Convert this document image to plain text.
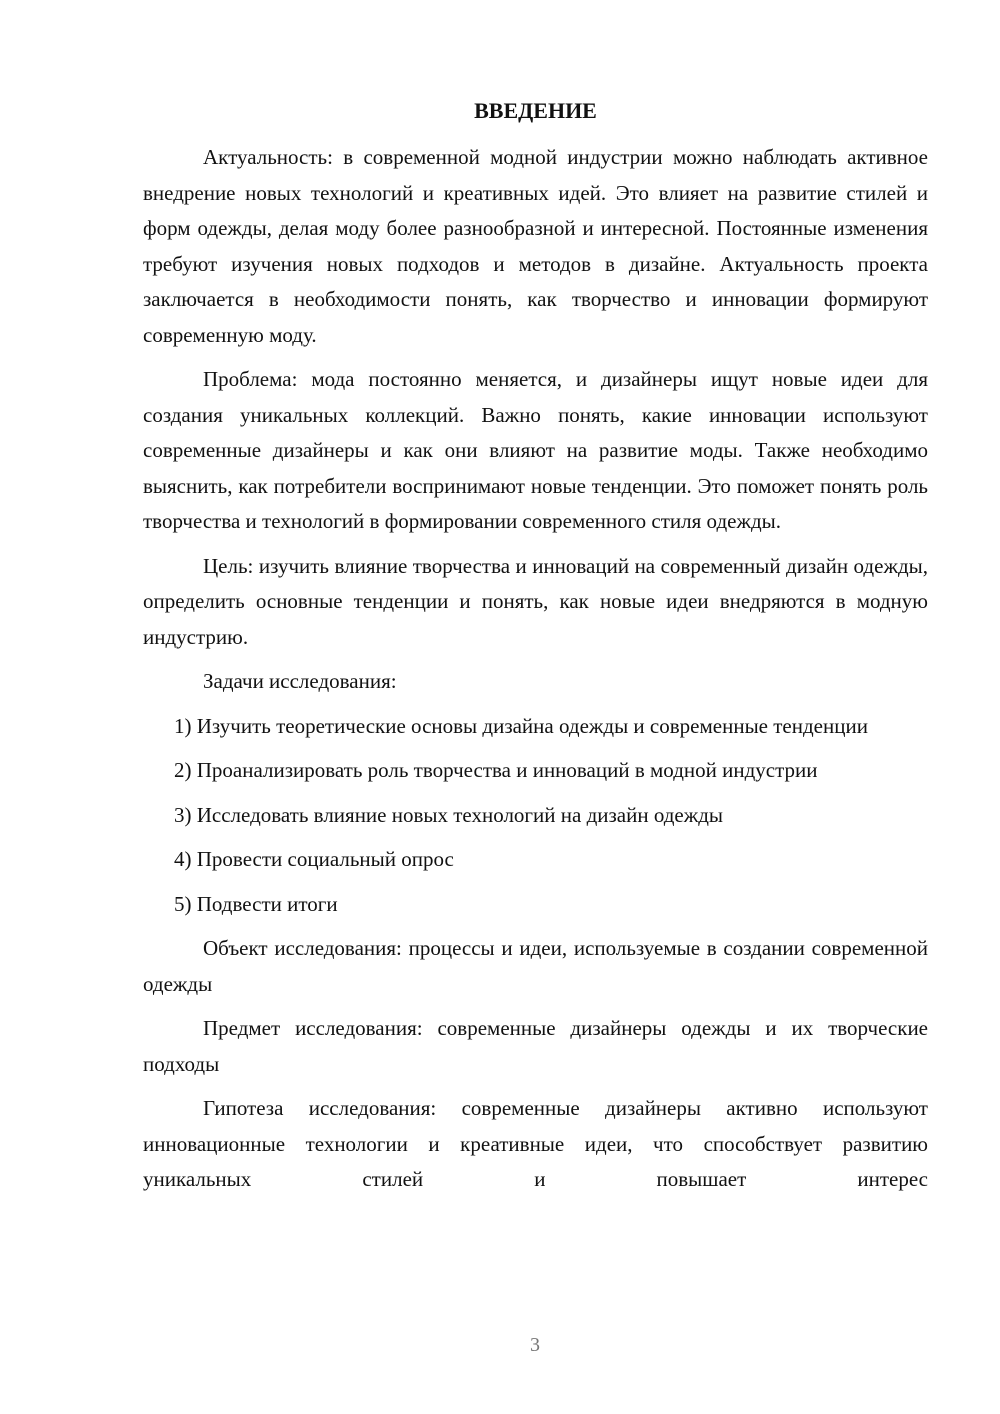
ВВЕДЕНИЕ

Актуальность: в современной модной индустрии можно наблюдать активное внедрение новых технологий и креативных идей. Это влияет на развитие стилей и форм одежды, делая моду более разнообразной и интересной. Постоянные изменения требуют изучения новых подходов и методов в дизайне. Актуальность проекта заключается в необходимости понять, как творчество и инновации формируют современную моду.

Проблема: мода постоянно меняется, и дизайнеры ищут новые идеи для создания уникальных коллекций. Важно понять, какие инновации используют современные дизайнеры и как они влияют на развитие моды. Также необходимо выяснить, как потребители воспринимают новые тенденции. Это поможет понять роль творчества и технологий в формировании современного стиля одежды.

Цель: изучить влияние творчества и инноваций на современный дизайн одежды, определить основные тенденции и понять, как новые идеи внедряются в модную индустрию.

Задачи исследования:

1) Изучить теоретические основы дизайна одежды и современные тенденции

2) Проанализировать роль творчества и инноваций в модной индустрии

3) Исследовать влияние новых технологий на дизайн одежды

4) Провести социальный опрос

5) Подвести итоги

Объект исследования: процессы и идеи, используемые в создании современной одежды

Предмет исследования: современные дизайнеры одежды и их творческие подходы

Гипотеза исследования: современные дизайнеры активно используют инновационные технологии и креативные идеи, что способствует развитию уникальных стилей и повышает интерес

3
